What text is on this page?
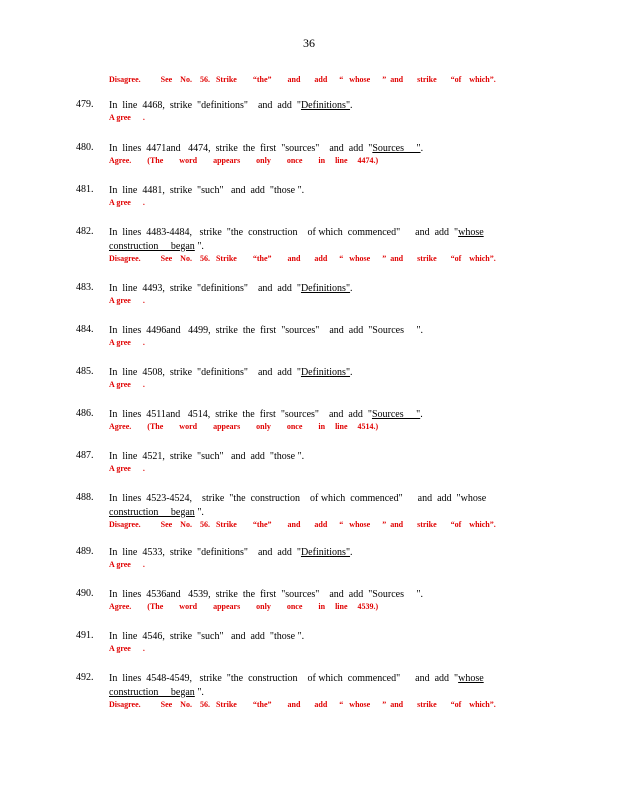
36
Disagree.          See    No.    56.   Strike        “the”        and       add      “   whose      ”  and       strike       “of    which”.
479. In  line  4468,  strike  "definitions"    and  add  "Definitions".
A gree      .
480. In  lines  4471and   4474,  strike  the  first  "sources"    and  add  "Sources     ".
Agree.        (The        word        appears        only        once        in     line     4474.)
481. In  line  4481,  strike  "such"   and  add  "those ".
A gree      .
482. In  lines  4483-4484,   strike  "the  construction    of which  commenced"      and  add  "whose
construction     began ".
Disagree.          See    No.    56.   Strike        “the”        and       add      “   whose      ”  and       strike       “of    which”.
483. In  line  4493,  strike  "definitions"    and  add  "Definitions".
A gree      .
484. In  lines  4496and   4499,  strike  the  first  "sources"    and  add  "Sources     ".
A gree      .
485. In  line  4508,  strike  "definitions"    and  add  "Definitions".
A gree      .
486. In  lines  4511and   4514,  strike  the  first  "sources"    and  add  "Sources     ".
Agree.        (The        word        appears        only        once        in     line     4514.)
487. In  line  4521,  strike  "such"   and  add  "those ".
A gree      .
488. In  lines  4523-4524,    strike  "the  construction    of which  commenced"      and  add  "whose
construction     began ".
Disagree.          See    No.    56.   Strike        “the”        and       add      “   whose      ”  and       strike       “of    which”.
489. In  line  4533,  strike  "definitions"    and  add  "Definitions".
A gree      .
490. In  lines  4536and   4539,  strike  the  first  "sources"    and  add  "Sources     ".
Agree.        (The        word        appears        only        once        in     line     4539.)
491. In  line  4546,  strike  "such"   and  add  "those ".
A gree      .
492. In  lines  4548-4549,   strike  "the  construction    of which  commenced"      and  add  "whose
construction     began ".
Disagree.          See    No.    56.   Strike        “the”        and       add      “   whose      ”  and       strike       “of    which”.
